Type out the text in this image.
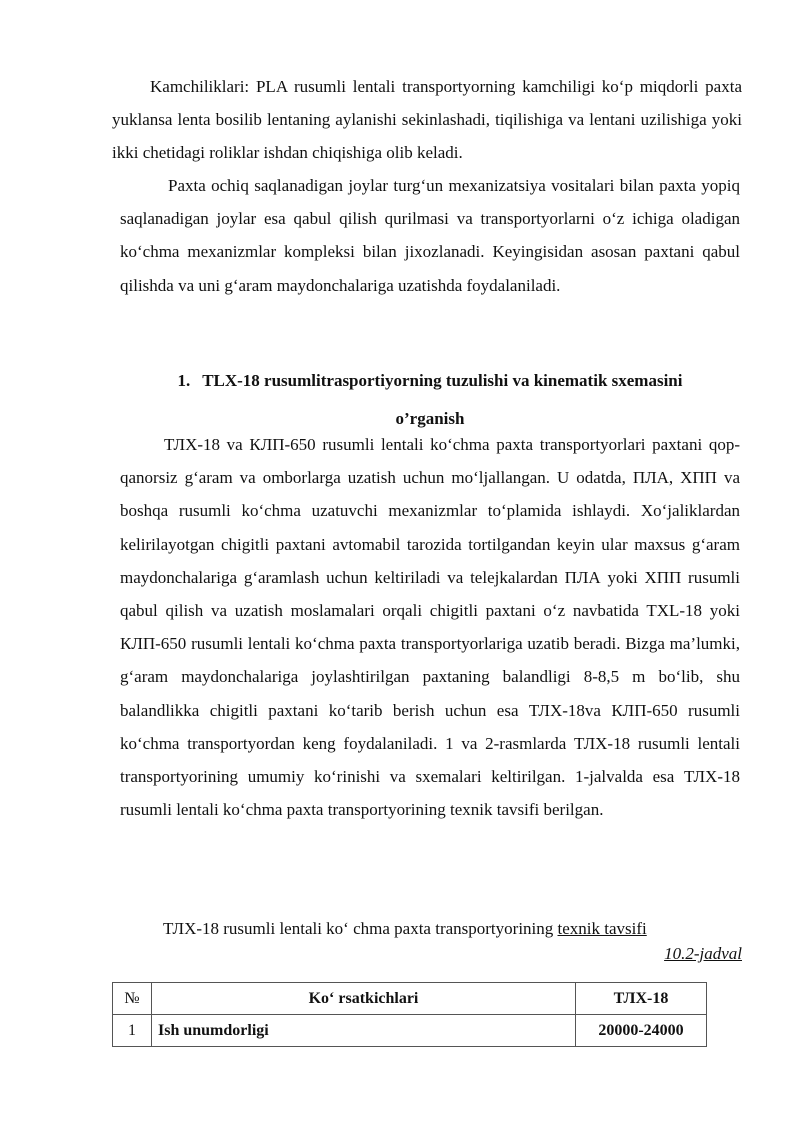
Kamchiliklari: PLA rusumli lentali transportyorning kamchiligi ko‘p miqdorli paxta yuklansa lenta bosilib lentaning aylanishi sekinlashadi, tiqilishiga va lentani uzilishiga yoki ikki chetidagi roliklar ishdan chiqishiga olib keladi.

Paxta ochiq saqlanadigan joylar turg‘un mexanizatsiya vositalari bilan paxta yopiq saqlanadigan joylar esa qabul qilish qurilmasi va transportyorlarni o‘z ichiga oladigan ko‘chma mexanizmlar kompleksi bilan jixozlanadi. Keyingisidan asosan paxtani qabul qilishda va uni g‘aram maydonchalariga uzatishda foydalaniladi.

1. TLX-18 rusumlitrasportiyorning tuzulishi va kinematik sxemasini
o’rganish

ТЛХ-18 va КЛП-650 rusumli lentali ko‘chma paxta transportyorlari paxtani qop-qanorsiz g‘aram va omborlarga uzatish uchun mo‘ljallangan. U odatda, ПЛА, ХПП va boshqa rusumli ko‘chma uzatuvchi mexanizmlar to‘plamida ishlaydi. Xo‘jaliklardan kelirilayotgan chigitli paxtani avtomabil tarozida tortilgandan keyin ular maxsus g‘aram maydonchalariga g‘aramlash uchun keltiriladi va telejkalardan ПЛА yoki ХПП rusumli qabul qilish va uzatish moslamalari orqali chigitli paxtani o‘z navbatida TXL-18 yoki КЛП-650 rusumli lentali ko‘chma paxta transportyorlariga uzatib beradi. Bizga ma’lumki, g‘aram maydonchalariga joylashtirilgan paxtaning balandligi 8-8,5 m bo‘lib, shu balandlikka chigitli paxtani ko‘tarib berish uchun esa ТЛХ-18va КЛП-650 rusumli ko‘chma transportyordan keng foydalaniladi. 1 va 2-rasmlarda ТЛХ-18 rusumli lentali transportyorining umumiy ko‘rinishi va sxemalari keltirilgan. 1-jalvalda esa ТЛХ-18 rusumli lentali ko‘chma paxta transportyorining texnik tavsifi berilgan.

ТЛХ-18 rusumli lentali ko‘ chma paxta transportyorining texnik tavsifi
10.2-jadval
№	Ko‘ rsatkichlari	ТЛХ-18
1	Ish unumdorligi	20000-24000
